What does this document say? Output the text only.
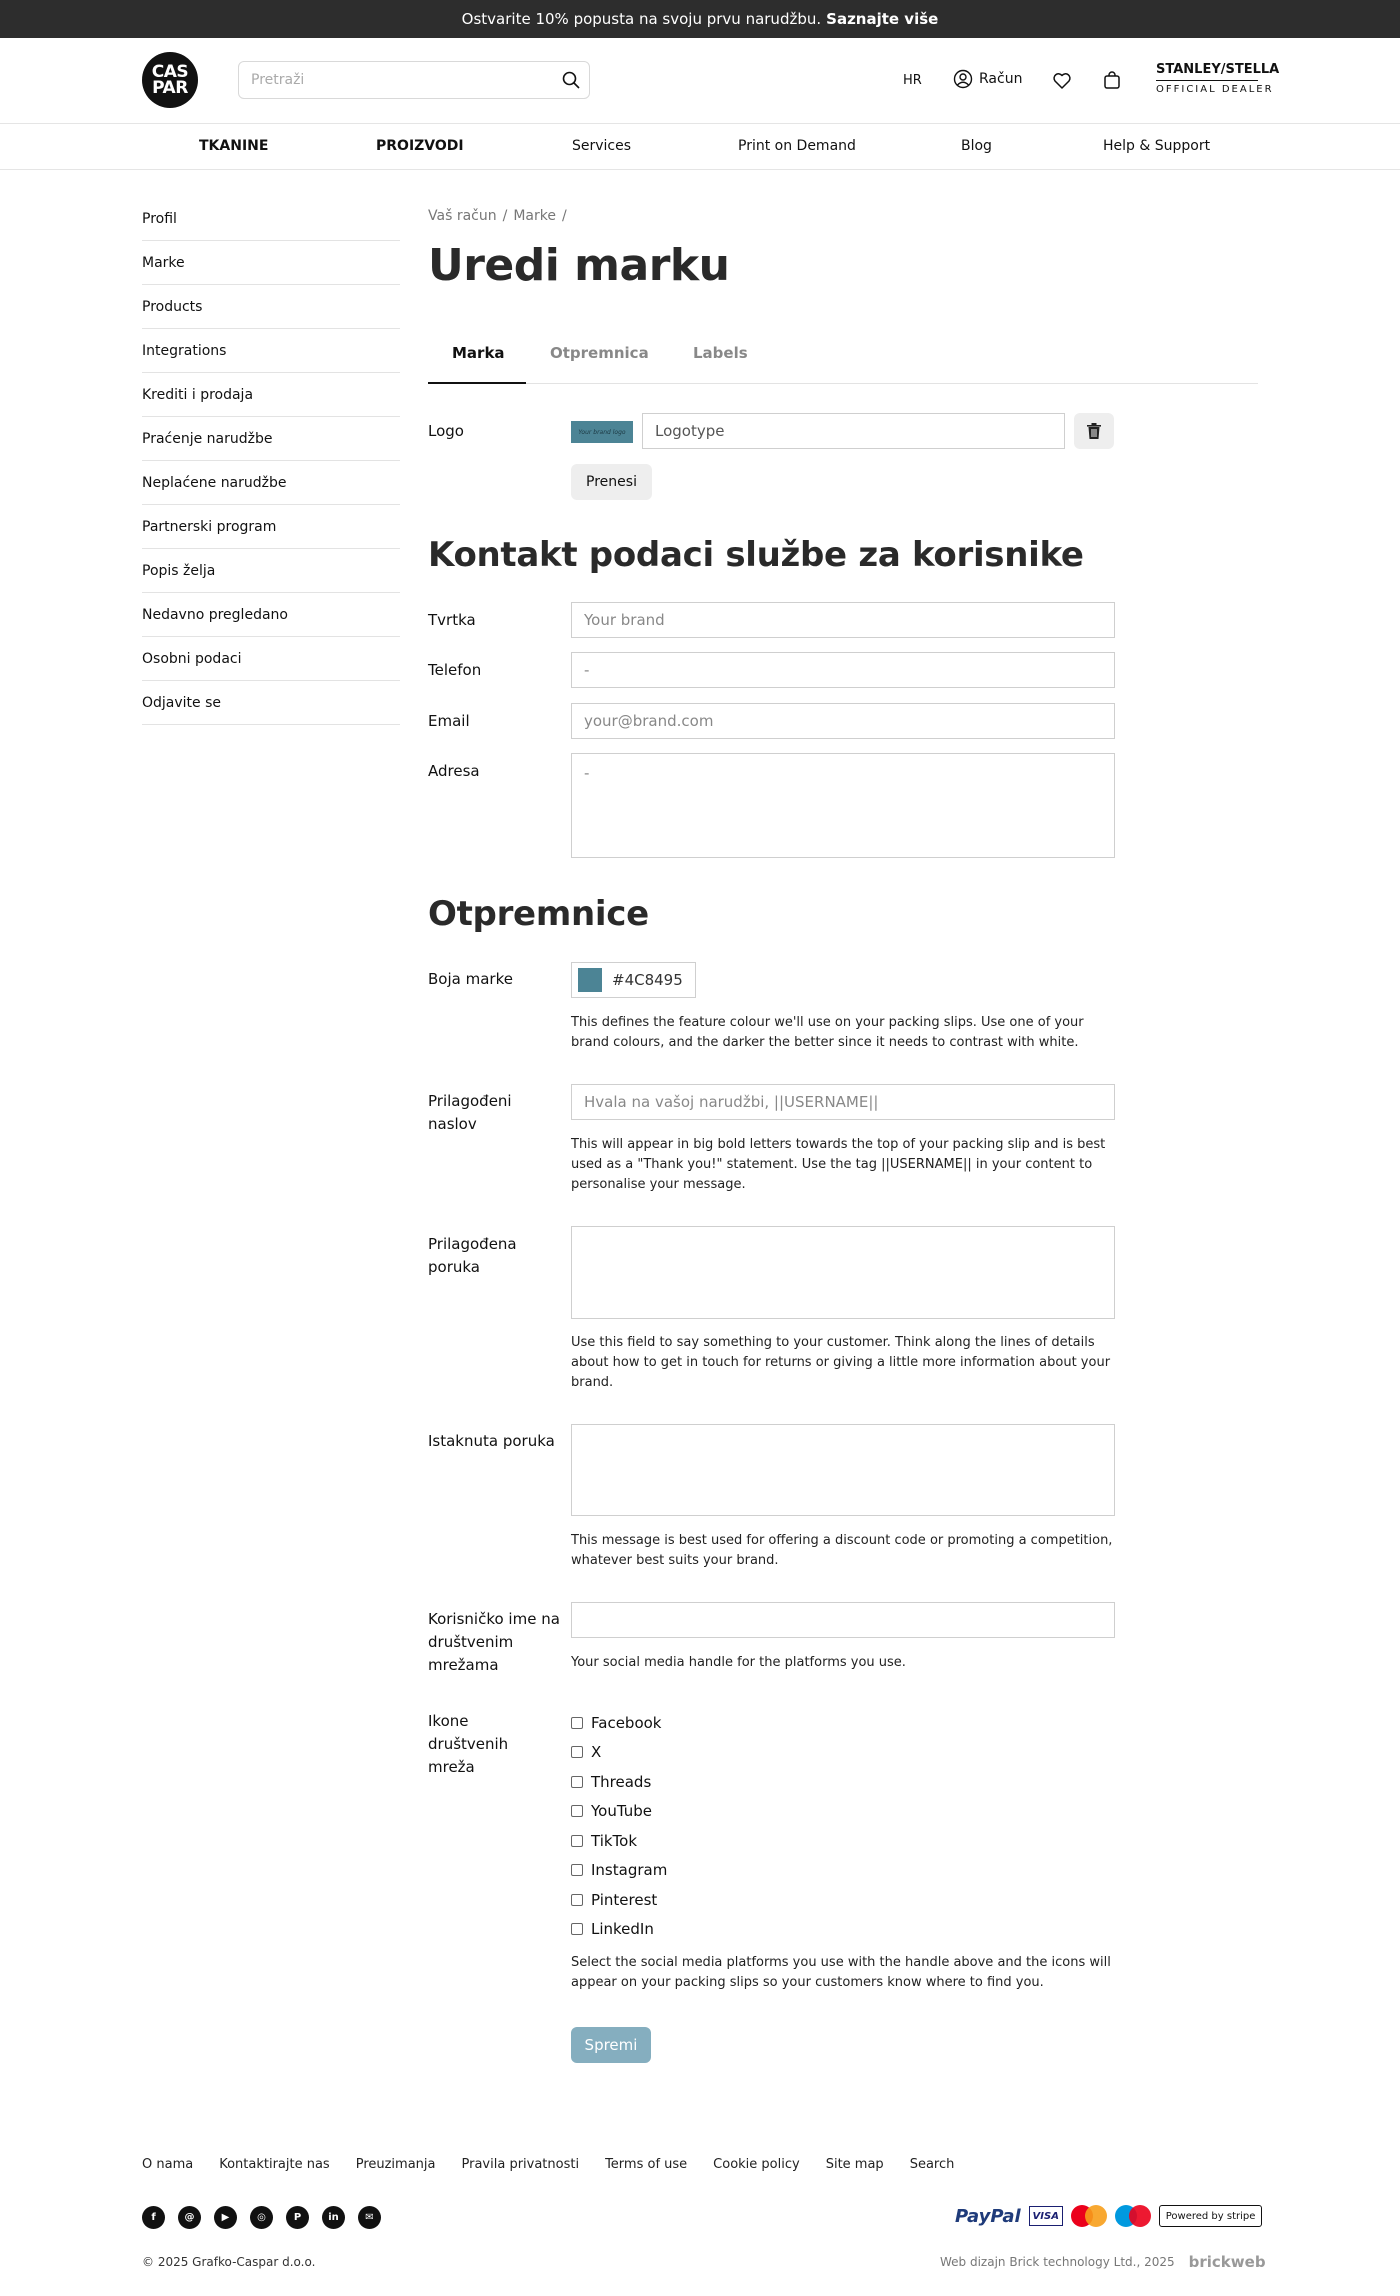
Ostvarite 10% popusta na svoju prvu narudžbu. Saznajte više
CAS
PAR
Pretraži	HR	Račun
STANLEY/STELLA
OFFICIAL DEALER
TKANINE	PROIZVODI	Services	Print on Demand	Blog	Help & Support
Profil
Marke
Products
Integrations
Krediti i prodaja
Praćenje narudžbe
Neplaćene narudžbe
Partnerski program
Popis želja
Nedavno pregledano
Osobni podaci
Odjavite se
Vaš račun / Marke /
Uredi marku
Marka	Otpremnica	Labels
Logo	Your brand logo Logotype
Prenesi
Kontakt podaci službe za korisnike
Tvrtka
Your brand
Telefon
-
Email
your@brand.com
Adresa
-
Otpremnice
Boja marke	#4C8495
This defines the feature colour we'll use on your packing slips. Use one of your brand colours, and the darker the better since it needs to contrast with white.
Prilagođeni naslov
Hvala na vašoj narudžbi, ||USERNAME||
This will appear in big bold letters towards the top of your packing slip and is best used as a "Thank you!" statement. Use the tag ||USERNAME|| in your content to personalise your message.
Prilagođena poruka
Use this field to say something to your customer. Think along the lines of details about how to get in touch for returns or giving a little more information about your brand.
Istaknuta poruka
This message is best used for offering a discount code or promoting a competition, whatever best suits your brand.
Korisničko ime na društvenim mrežama	Your social media handle for the platforms you use.
Ikone društvenih mreža
Facebook
X
Threads
YouTube
TikTok
Instagram
Pinterest
LinkedIn
Select the social media platforms you use with the handle above and the icons will appear on your packing slips so your customers know where to find you.
Spremi
O nama Kontaktirajte nas Preuzimanja Pravila privatnosti Terms of use Cookie policy Site map Search
f	@	▶	◎	P	in	✉	PayPal	VISA	Powered by stripe
© 2025 Grafko-Caspar d.o.o.	Web dizajn Brick technology Ltd., 2025 brickweb
